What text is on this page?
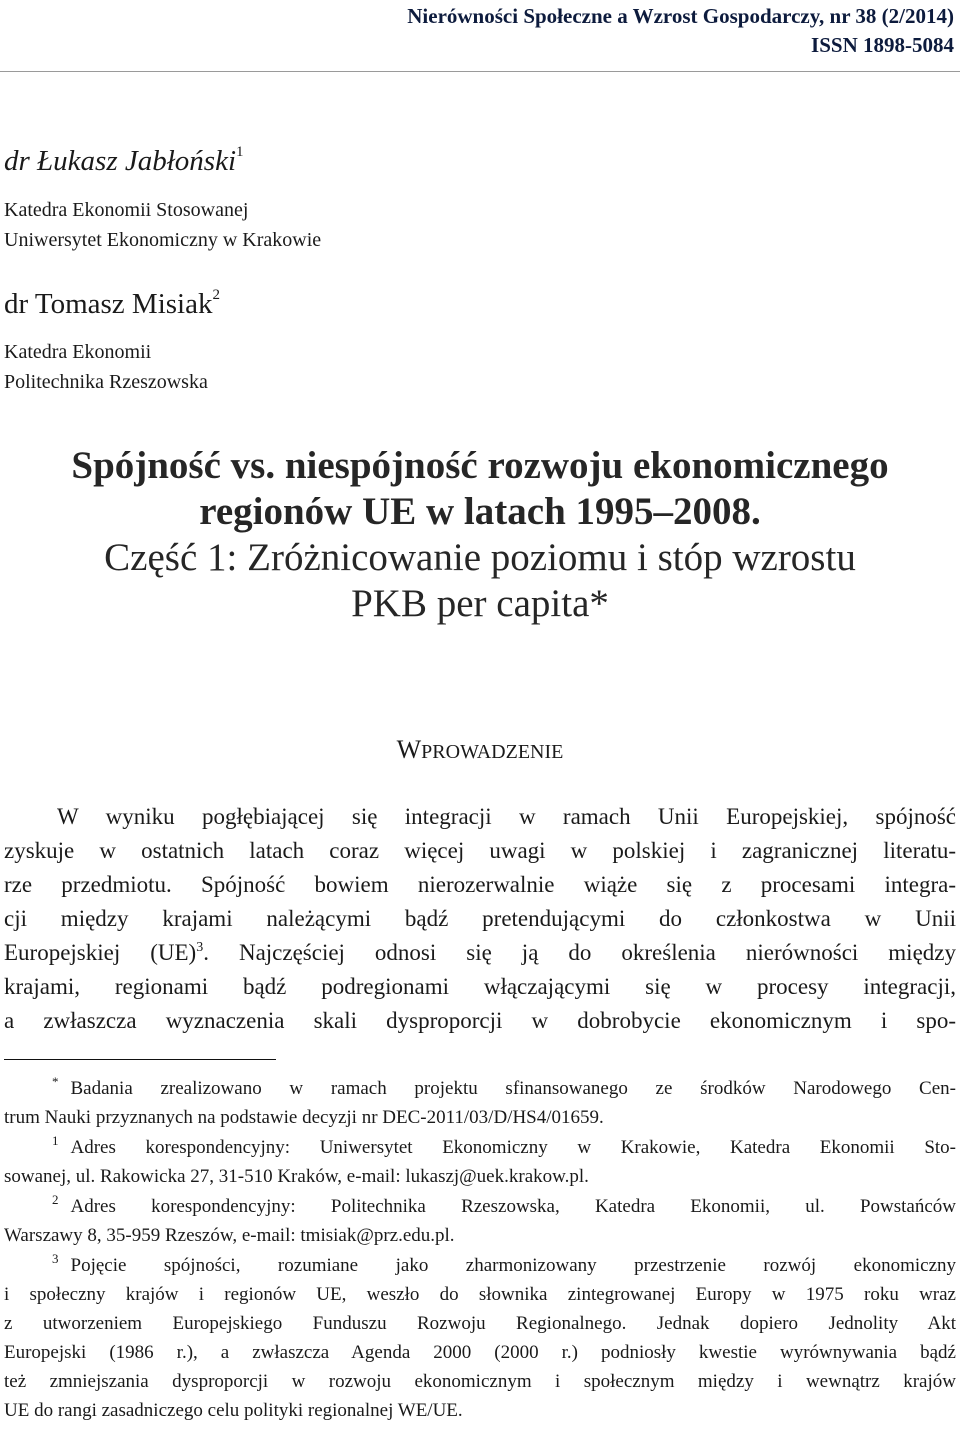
Nierówności Społeczne a Wzrost Gospodarczy, nr 38 (2/2014)
ISSN 1898-5084
dr Łukasz Jabłoński$^1$
Katedra Ekonomii Stosowanej
Uniwersytet Ekonomiczny w Krakowie
dr Tomasz Misiak$^2$
Katedra Ekonomii
Politechnika Rzeszowska
Spójność vs. niespójność rozwoju ekonomicznego
regionów UE w latach 1995–2008.
Część 1: Zróżnicowanie poziomu i stóp wzrostu
PKB per capita*
WPROWADZENIE
W wyniku pogłębiającej się integracji w ramach Unii Europejskiej, spójność
zyskuje w ostatnich latach coraz więcej uwagi w polskiej i zagranicznej literatu-
rze przedmiotu. Spójność bowiem nierozerwalnie wiąże się z procesami integra-
cji między krajami należącymi bądź pretendującymi do członkostwa w Unii
Europejskiej (UE)$^3$. Najczęściej odnosi się ją do określenia nierówności między
krajami, regionami bądź podregionami włączającymi się w procesy integracji,
a zwłaszcza wyznaczenia skali dysproporcji w dobrobycie ekonomicznym i spo-
* Badania zrealizowano w ramach projektu sfinansowanego ze środków Narodowego Cen-
trum Nauki przyznanych na podstawie decyzji nr DEC-2011/03/D/HS4/01659.
$^1$ Adres korespondencyjny: Uniwersytet Ekonomiczny w Krakowie, Katedra Ekonomii Sto-
sowanej, ul. Rakowicka 27, 31-510 Kraków, e-mail: lukaszj@uek.krakow.pl.
$^2$ Adres korespondencyjny: Politechnika Rzeszowska, Katedra Ekonomii, ul. Powstańców
Warszawy 8, 35-959 Rzeszów, e-mail: tmisiak@prz.edu.pl.
$^3$ Pojęcie spójności, rozumiane jako zharmonizowany przestrzenie rozwój ekonomiczny
i społeczny krajów i regionów UE, weszło do słownika zintegrowanej Europy w 1975 roku wraz
z utworzeniem Europejskiego Funduszu Rozwoju Regionalnego. Jednak dopiero Jednolity Akt
Europejski (1986 r.), a zwłaszcza Agenda 2000 (2000 r.) podniosły kwestie wyrównywania bądź
też zmniejszania dysproporcji w rozwoju ekonomicznym i społecznym między i wewnątrz krajów
UE do rangi zasadniczego celu polityki regionalnej WE/UE.
